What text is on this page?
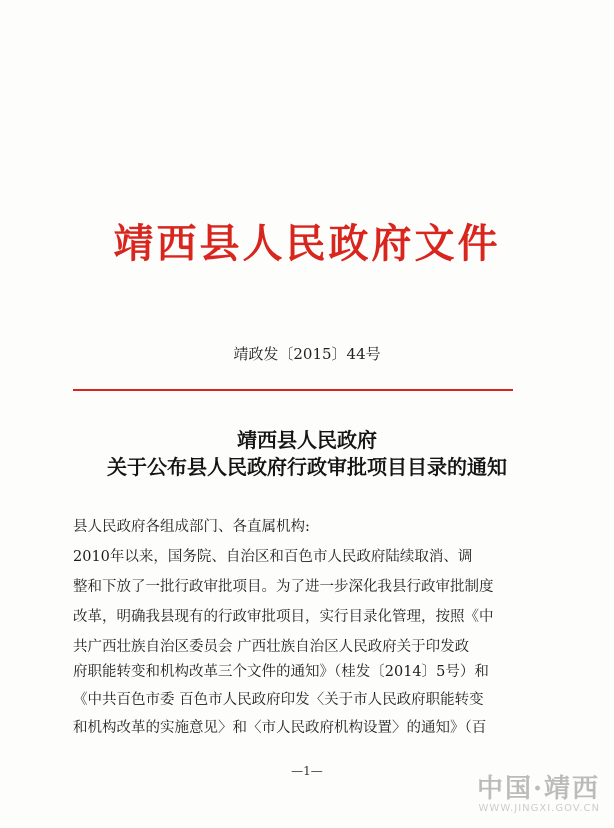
靖西县人民政府文件
靖政发〔2015〕44号
靖西县人民政府
关于公布县人民政府行政审批项目目录的通知
县人民政府各组成部门、各直属机构:
2010年以来，国务院、自治区和百色市人民政府陆续取消、调
整和下放了一批行政审批项目。为了进一步深化我县行政审批制度
改革，明确我县现有的行政审批项目，实行目录化管理，按照《中
共广西壮族自治区委员会 广西壮族自治区人民政府关于印发政
府职能转变和机构改革三个文件的通知》（桂发〔2014〕5号）和
《中共百色市委 百色市人民政府印发〈关于市人民政府职能转变
和机构改革的实施意见〉和〈市人民政府机构设置〉的通知》（百
—1—
中国·靖西
WWW.JINGXI.GOV.CN
